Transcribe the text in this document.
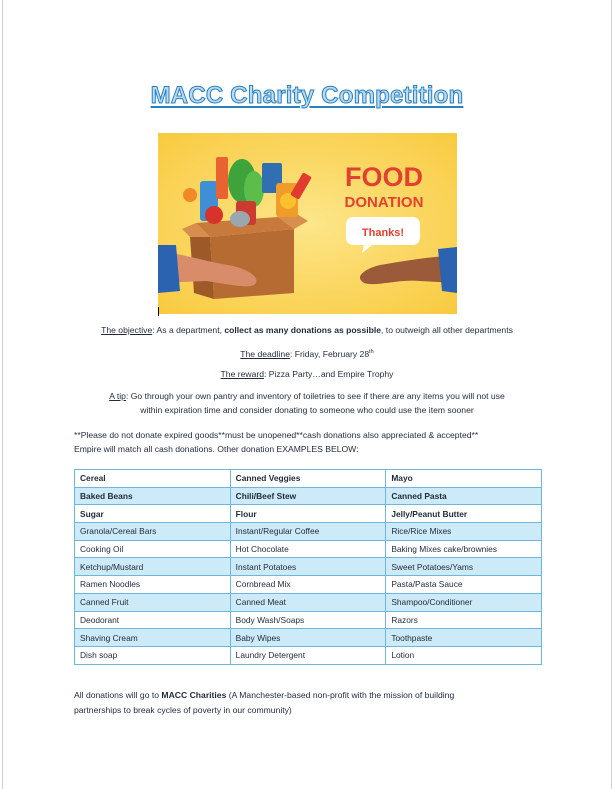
MACC Charity Competition
FOOD
DONATION
Thanks!
The objective: As a department, collect as many donations as possible, to outweigh all other departments
The deadline: Friday, February 28th
The reward: Pizza Party…and Empire Trophy
A tip: Go through your own pantry and inventory of toiletries to see if there are any items you will not use
within expiration time and consider donating to someone who could use the item sooner
**Please do not donate expired goods**must be unopened**cash donations also appreciated & accepted**
Empire will match all cash donations. Other donation EXAMPLES BELOW:
Cereal	Canned Veggies	Mayo
Baked Beans	Chili/Beef Stew	Canned Pasta
Sugar	Flour	Jelly/Peanut Butter
Granola/Cereal Bars	Instant/Regular Coffee	Rice/Rice Mixes
Cooking Oil	Hot Chocolate	Baking Mixes cake/brownies
Ketchup/Mustard	Instant Potatoes	Sweet Potatoes/Yams
Ramen Noodles	Cornbread Mix	Pasta/Pasta Sauce
Canned Fruit	Canned Meat	Shampoo/Conditioner
Deodorant	Body Wash/Soaps	Razors
Shaving Cream	Baby Wipes	Toothpaste
Dish soap	Laundry Detergent	Lotion
All donations will go to MACC Charities (A Manchester-based non-profit with the mission of building
partnerships to break cycles of poverty in our community)
